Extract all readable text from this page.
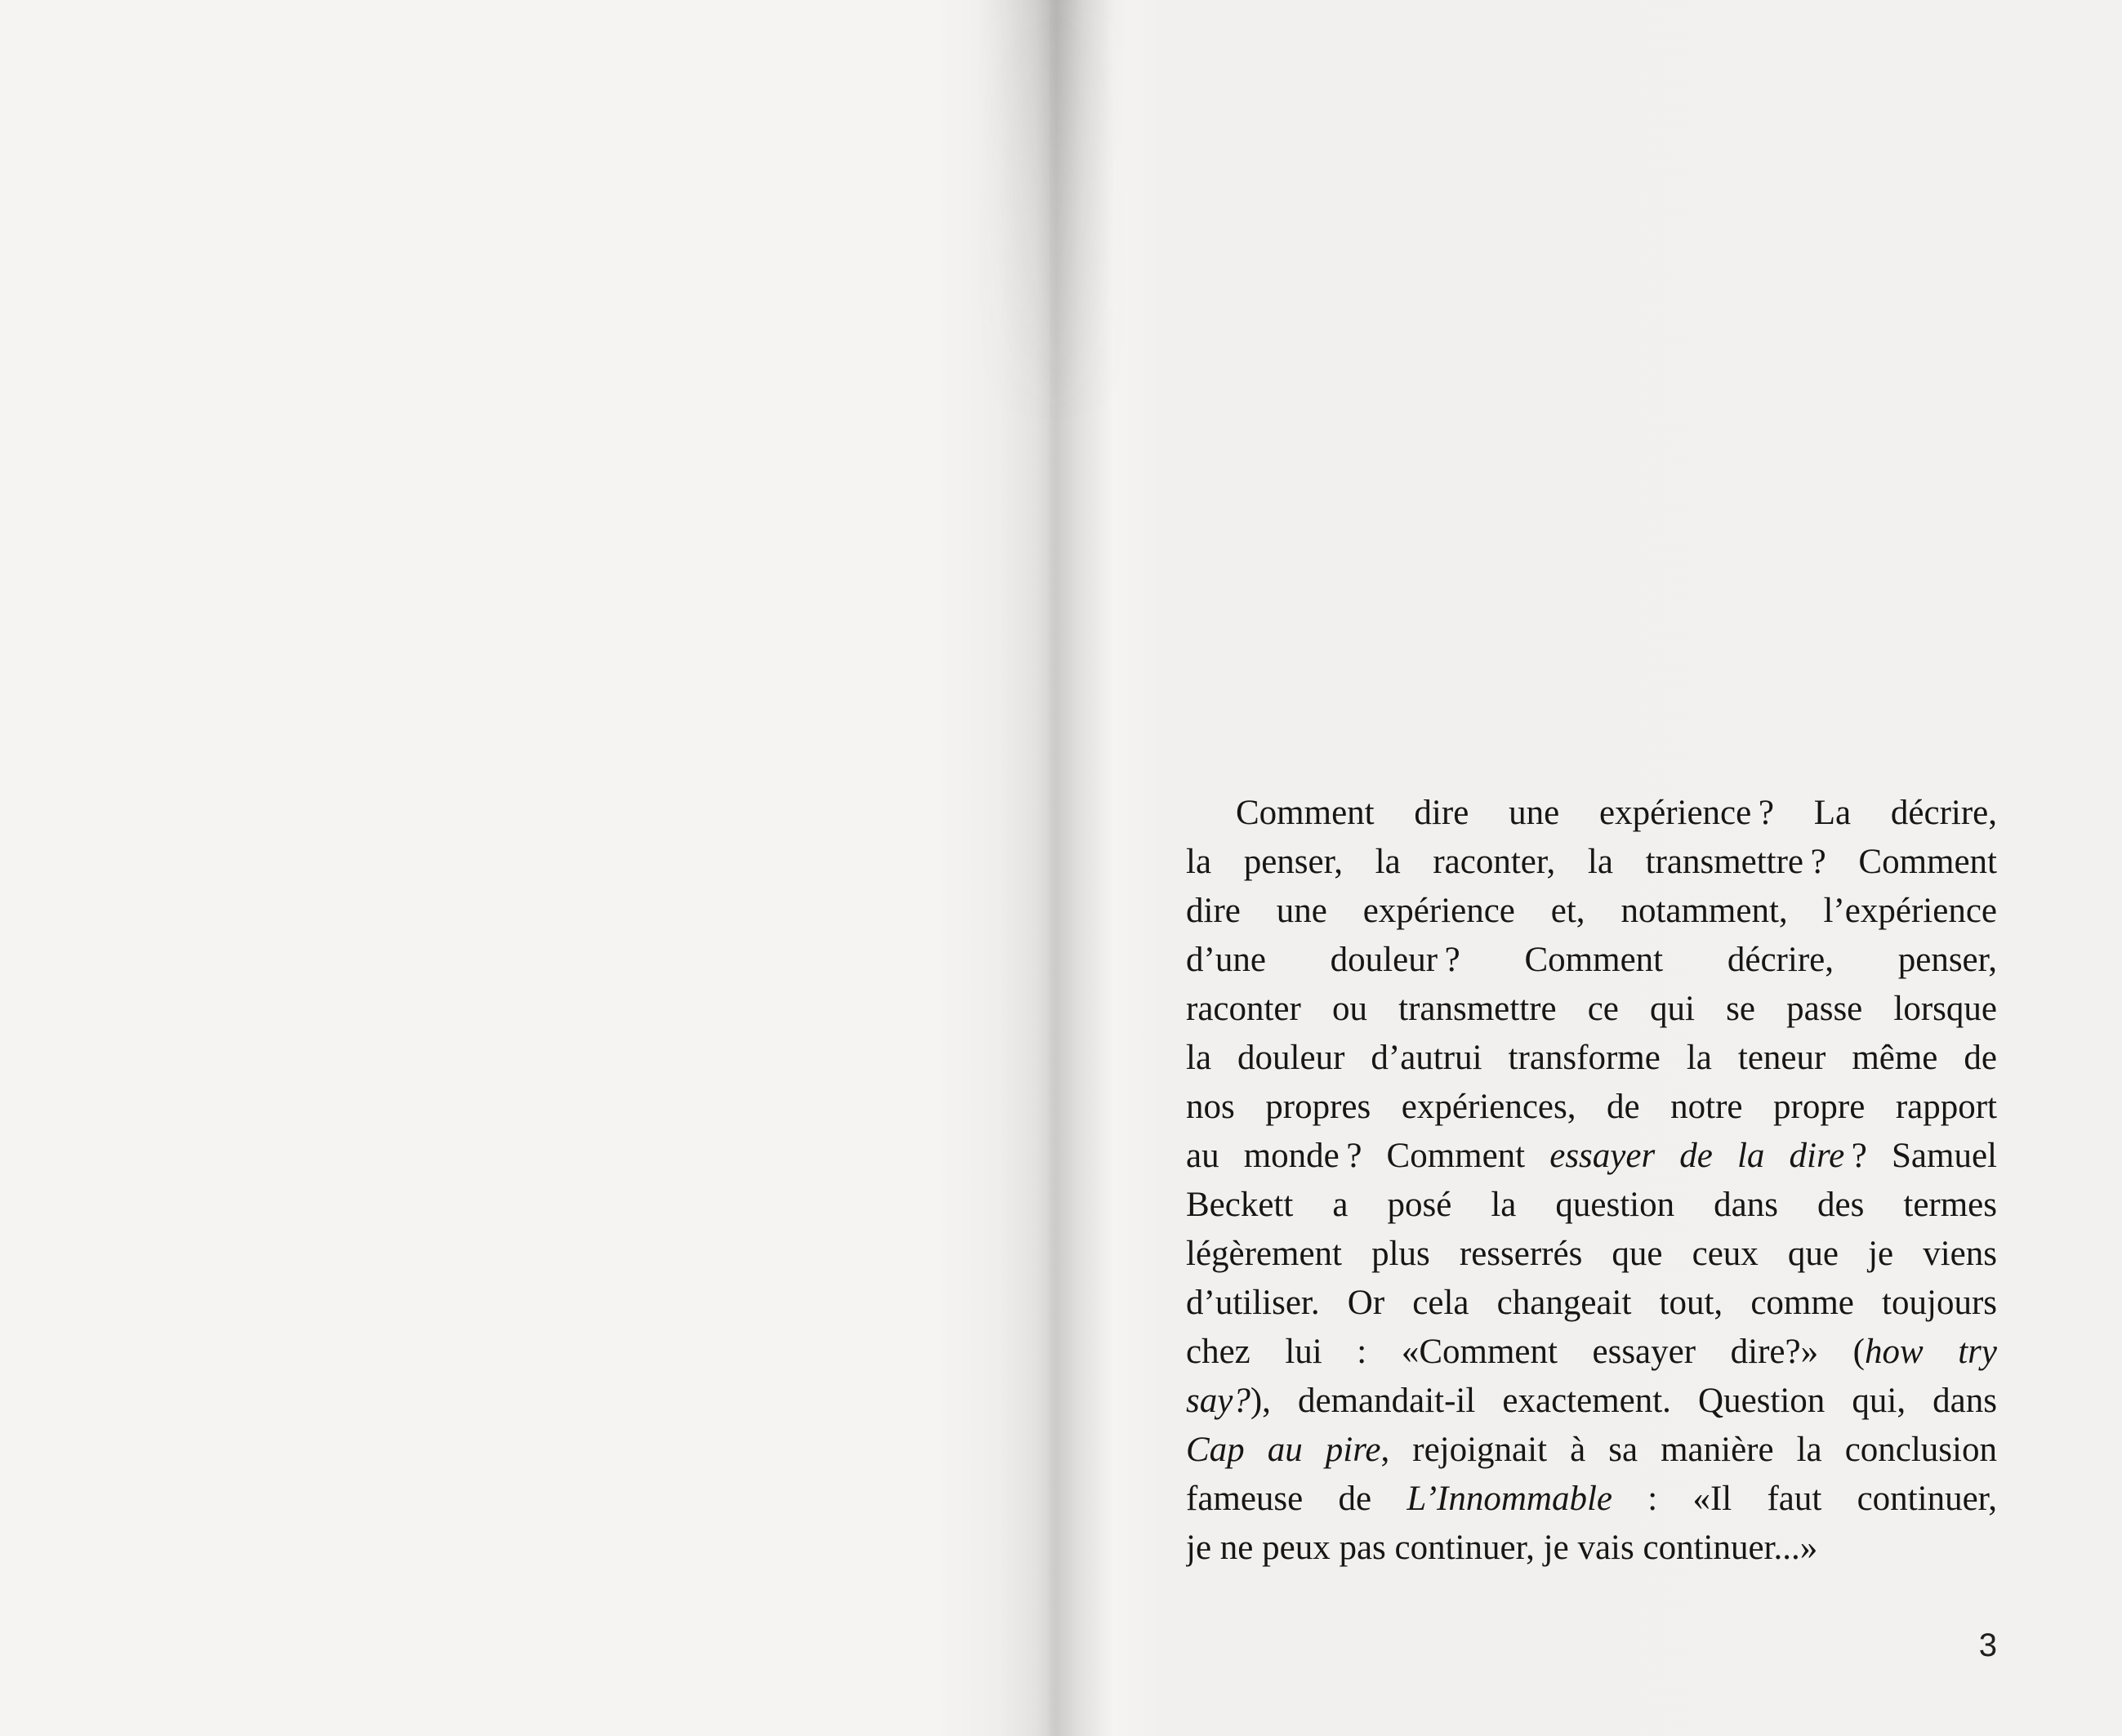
Comment dire une expérience ? La décrire,
la penser, la raconter, la transmettre ? Comment
dire une expérience et, notamment, l’expérience
d’une douleur ? Comment décrire, penser,
raconter ou transmettre ce qui se passe lorsque
la douleur d’autrui transforme la teneur même de
nos propres expériences, de notre propre rapport
au monde ? Comment essayer de la dire ? Samuel
Beckett a posé la question dans des termes
légèrement plus resserrés que ceux que je viens
d’utiliser. Or cela changeait tout, comme toujours
chez lui : «Comment essayer dire?» (how try
say?), demandait-il exactement. Question qui, dans
Cap au pire, rejoignait à sa manière la conclusion
fameuse de L’Innommable : «Il faut continuer,
je ne peux pas continuer, je vais continuer...»
3
